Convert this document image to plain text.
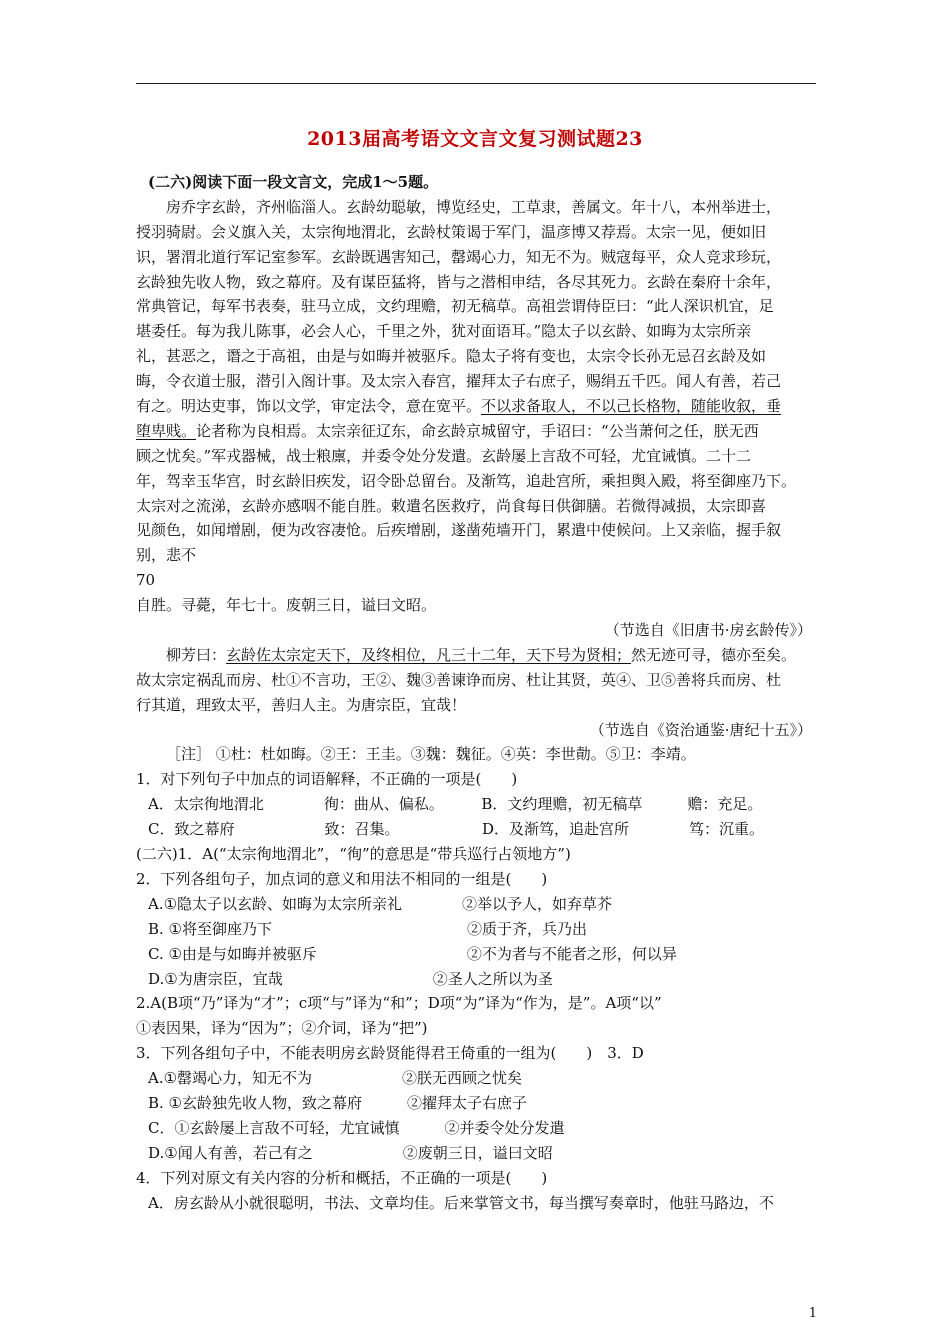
2013届高考语文文言文复习测试题23
(二六)阅读下面一段文言文，完成1～5题。
房乔字玄龄，齐州临淄人。玄龄幼聪敏，博览经史，工草隶，善属文。年十八，本州举进士，
授羽骑尉。会义旗入关，太宗徇地渭北，玄龄杖策谒于军门，温彦博又荐焉。太宗一见，便如旧
识，署渭北道行军记室参军。玄龄既遇害知己，罄竭心力，知无不为。贼寇每平，众人竞求珍玩，
玄龄独先收人物，致之幕府。及有谋臣猛将，皆与之潜相申结，各尽其死力。玄龄在秦府十余年，
常典管记，每军书表奏，驻马立成，文约理赡，初无稿草。高祖尝谓侍臣曰：“此人深识机宜，足
堪委任。每为我儿陈事，必会人心，千里之外，犹对面语耳。”隐太子以玄龄、如晦为太宗所亲
礼，甚恶之，谮之于高祖，由是与如晦并被驱斥。隐太子将有变也，太宗令长孙无忌召玄龄及如
晦，令衣道士服，潜引入阁计事。及太宗入春宫，擢拜太子右庶子，赐绢五千匹。闻人有善，若己
有之。明达吏事，饰以文学，审定法令，意在宽平。不以求备取人，不以己长格物，随能收叙，垂
堕卑贱。论者称为良相焉。太宗亲征辽东，命玄龄京城留守，手诏曰：“公当萧何之任，朕无西
顾之忧矣。”军戎器械，战士粮廪，并委令处分发遣。玄龄屡上言敌不可轻，尤宜诫慎。二十二
年，驾幸玉华宫，时玄龄旧疾发，诏令卧总留台。及渐笃，追赴宫所，乘担舆入殿，将至御座乃下。
太宗对之流涕，玄龄亦感咽不能自胜。敕遣名医救疗，尚食每日供御膳。若微得减损，太宗即喜
见颜色，如闻增剧，便为改容凄怆。后疾增剧，遂凿苑墙开门，累遣中使候问。上又亲临，握手叙
别，悲不
70
自胜。寻薨，年七十。废朝三日，谥曰文昭。
（节选自《旧唐书·房玄龄传》）
柳芳曰：玄龄佐太宗定天下，及终相位，凡三十二年，天下号为贤相；然无迹可寻，德亦至矣。
故太宗定祸乱而房、杜①不言功，王②、魏③善谏诤而房、杜让其贤，英④、卫⑤善将兵而房、杜
行其道，理致太平，善归人主。为唐宗臣，宜哉！
（节选自《资治通鉴·唐纪十五》）
［注］ ①杜：杜如晦。②王：王圭。③魏：魏征。④英：李世勣。⑤卫：李靖。
1．对下列句子中加点的词语解释，不正确的一项是(　　)
A．太宗徇地渭北　　　　徇：曲从、偏私。　　　B．文约理赡，初无稿草　　　赡：充足。
C．致之幕府　　　　　　致：召集。　　　　　　D．及渐笃，追赴宫所　　　　笃：沉重。
(二六)1．A(“太宗徇地渭北”，“徇”的意思是“带兵巡行占领地方”)
2．下列各组句子，加点词的意义和用法不相同的一组是(　　)
A.①隐太子以玄龄、如晦为太宗所亲礼　　　　②举以予人，如弃草芥
B. ①将至御座乃下　　　　　　　　　　　　　②质于齐，兵乃出
C. ①由是与如晦并被驱斥　　　　　　　　　　②不为者与不能者之形，何以异
D.①为唐宗臣，宜哉　　　　　　　　　　②圣人之所以为圣
2.A(B项“乃”译为“才”；c项“与”译为“和”；D项“为”译为“作为，是”。A项“以”
①表因果，译为“因为”；②介词，译为“把”)
3．下列各组句子中，不能表明房玄龄贤能得君王倚重的一组为(　　)　3．D
A.①罄竭心力，知无不为　　　　　　②朕无西顾之忧矣
B. ①玄龄独先收人物，致之幕府　　　②擢拜太子右庶子
C．①玄龄屡上言敌不可轻，尤宜诫慎　　　②并委令处分发遣
D.①闻人有善，若己有之　　　　　　②废朝三日，谥曰文昭
4．下列对原文有关内容的分析和概括，不正确的一项是(　　)
A．房玄龄从小就很聪明，书法、文章均佳。后来掌管文书，每当撰写奏章时，他驻马路边，不
1
